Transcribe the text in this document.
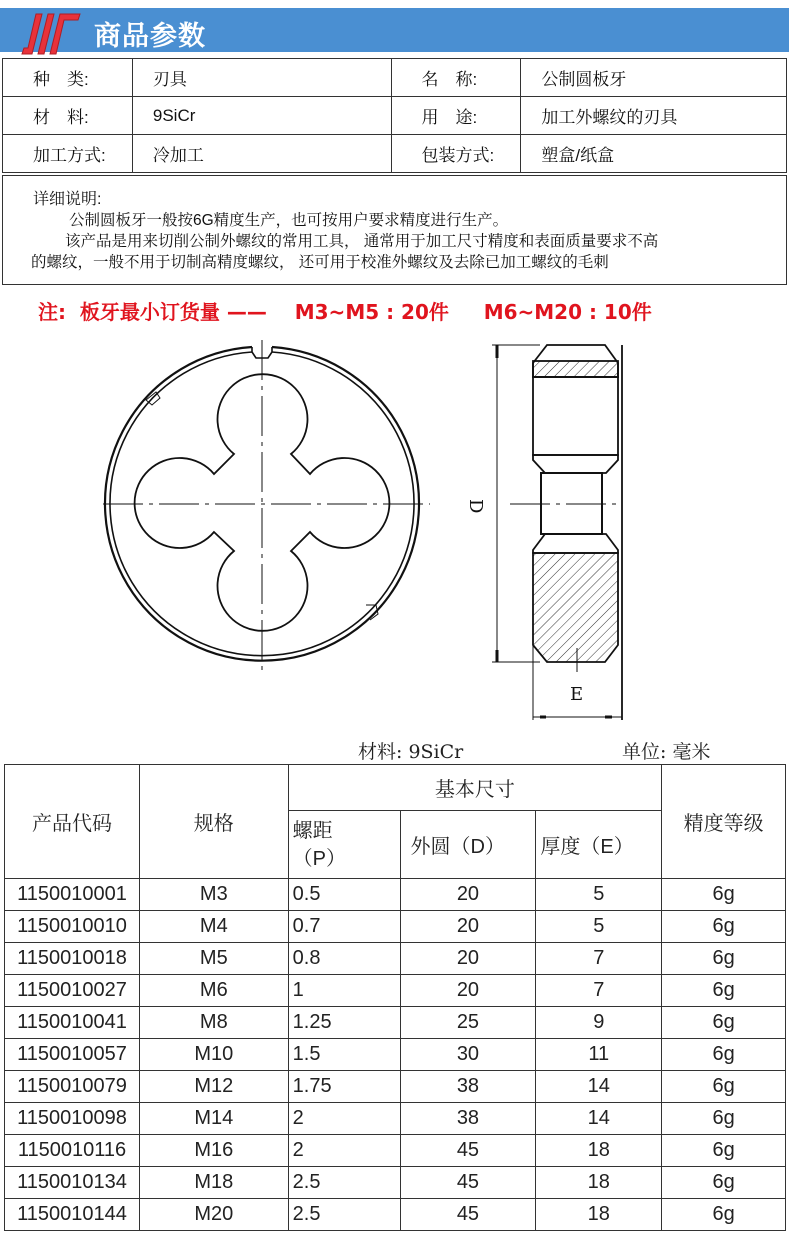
商品参数
种　类:	刃具	名　称:	公制圆板牙
材　料:	9SiCr	用　途:	加工外螺纹的刃具
加工方式:	冷加工	包装方式:	塑盒/纸盒
详细说明:
公制圆板牙一般按6G精度生产，也可按用户要求精度进行生产。
该产品是用来切削公制外螺纹的常用工具， 通常用于加工尺寸精度和表面质量要求不高
的螺纹，一般不用于切制高精度螺纹， 还可用于校准外螺纹及去除已加工螺纹的毛刺
注:  板牙最小订货量 ——    M3~M5 : 20件     M6~M20 : 10件
D
E
材料: 9SiCr	单位: 毫米
产品代码	规格	基本尺寸			精度等级

		螺距
（P）	外圆（D）	厚度（E）	
1150010001	M3	0.5	20	5	6g
1150010010	M4	0.7	20	5	6g
1150010018	M5	0.8	20	7	6g
1150010027	M6	1	20	7	6g
1150010041	M8	1.25	25	9	6g
1150010057	M10	1.5	30	11	6g
1150010079	M12	1.75	38	14	6g
1150010098	M14	2	38	14	6g
1150010116	M16	2	45	18	6g
1150010134	M18	2.5	45	18	6g
1150010144	M20	2.5	45	18	6g
